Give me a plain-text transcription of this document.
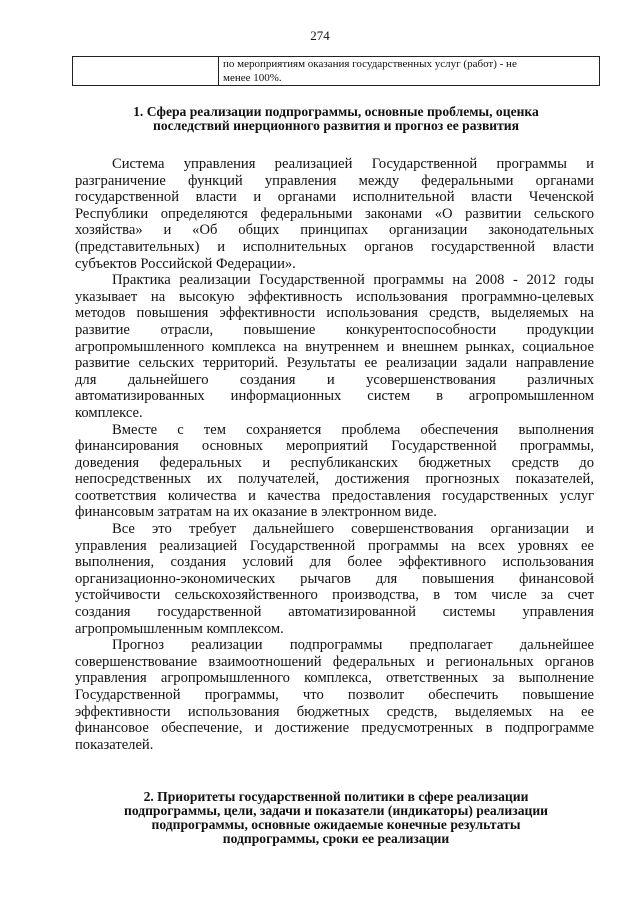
274

по мероприятиям оказания государственных услуг (работ) - не
менее 100%.
1. Сфера реализации подпрограммы, основные проблемы, оценка
последствий инерционного развития и прогноз ее развития
Система управления реализацией Государственной программы и
разграничение функций управления между федеральными органами
государственной власти и органами исполнительной власти Чеченской
Республики определяются федеральными законами «О развитии сельского
хозяйства» и «Об общих принципах организации законодательных
(представительных) и исполнительных органов государственной власти
субъектов Российской Федерации».
Практика реализации Государственной программы на 2008 - 2012 годы
указывает на высокую эффективность использования программно-целевых
методов повышения эффективности использования средств, выделяемых на
развитие отрасли, повышение конкурентоспособности продукции
агропромышленного комплекса на внутреннем и внешнем рынках, социальное
развитие сельских территорий. Результаты ее реализации задали направление
для дальнейшего создания и усовершенствования различных
автоматизированных информационных систем в агропромышленном
комплексе.
Вместе с тем сохраняется проблема обеспечения выполнения
финансирования основных мероприятий Государственной программы,
доведения федеральных и республиканских бюджетных средств до
непосредственных их получателей, достижения прогнозных показателей,
соответствия количества и качества предоставления государственных услуг
финансовым затратам на их оказание в электронном виде.
Все это требует дальнейшего совершенствования организации и
управления реализацией Государственной программы на всех уровнях ее
выполнения, создания условий для более эффективного использования
организационно-экономических рычагов для повышения финансовой
устойчивости сельскохозяйственного производства, в том числе за счет
создания государственной автоматизированной системы управления
агропромышленным комплексом.
Прогноз реализации подпрограммы предполагает дальнейшее
совершенствование взаимоотношений федеральных и региональных органов
управления агропромышленного комплекса, ответственных за выполнение
Государственной программы, что позволит обеспечить повышение
эффективности использования бюджетных средств, выделяемых на ее
финансовое обеспечение, и достижение предусмотренных в подпрограмме
показателей.
2. Приоритеты государственной политики в сфере реализации
подпрограммы, цели, задачи и показатели (индикаторы) реализации
подпрограммы, основные ожидаемые конечные результаты
подпрограммы, сроки ее реализации
